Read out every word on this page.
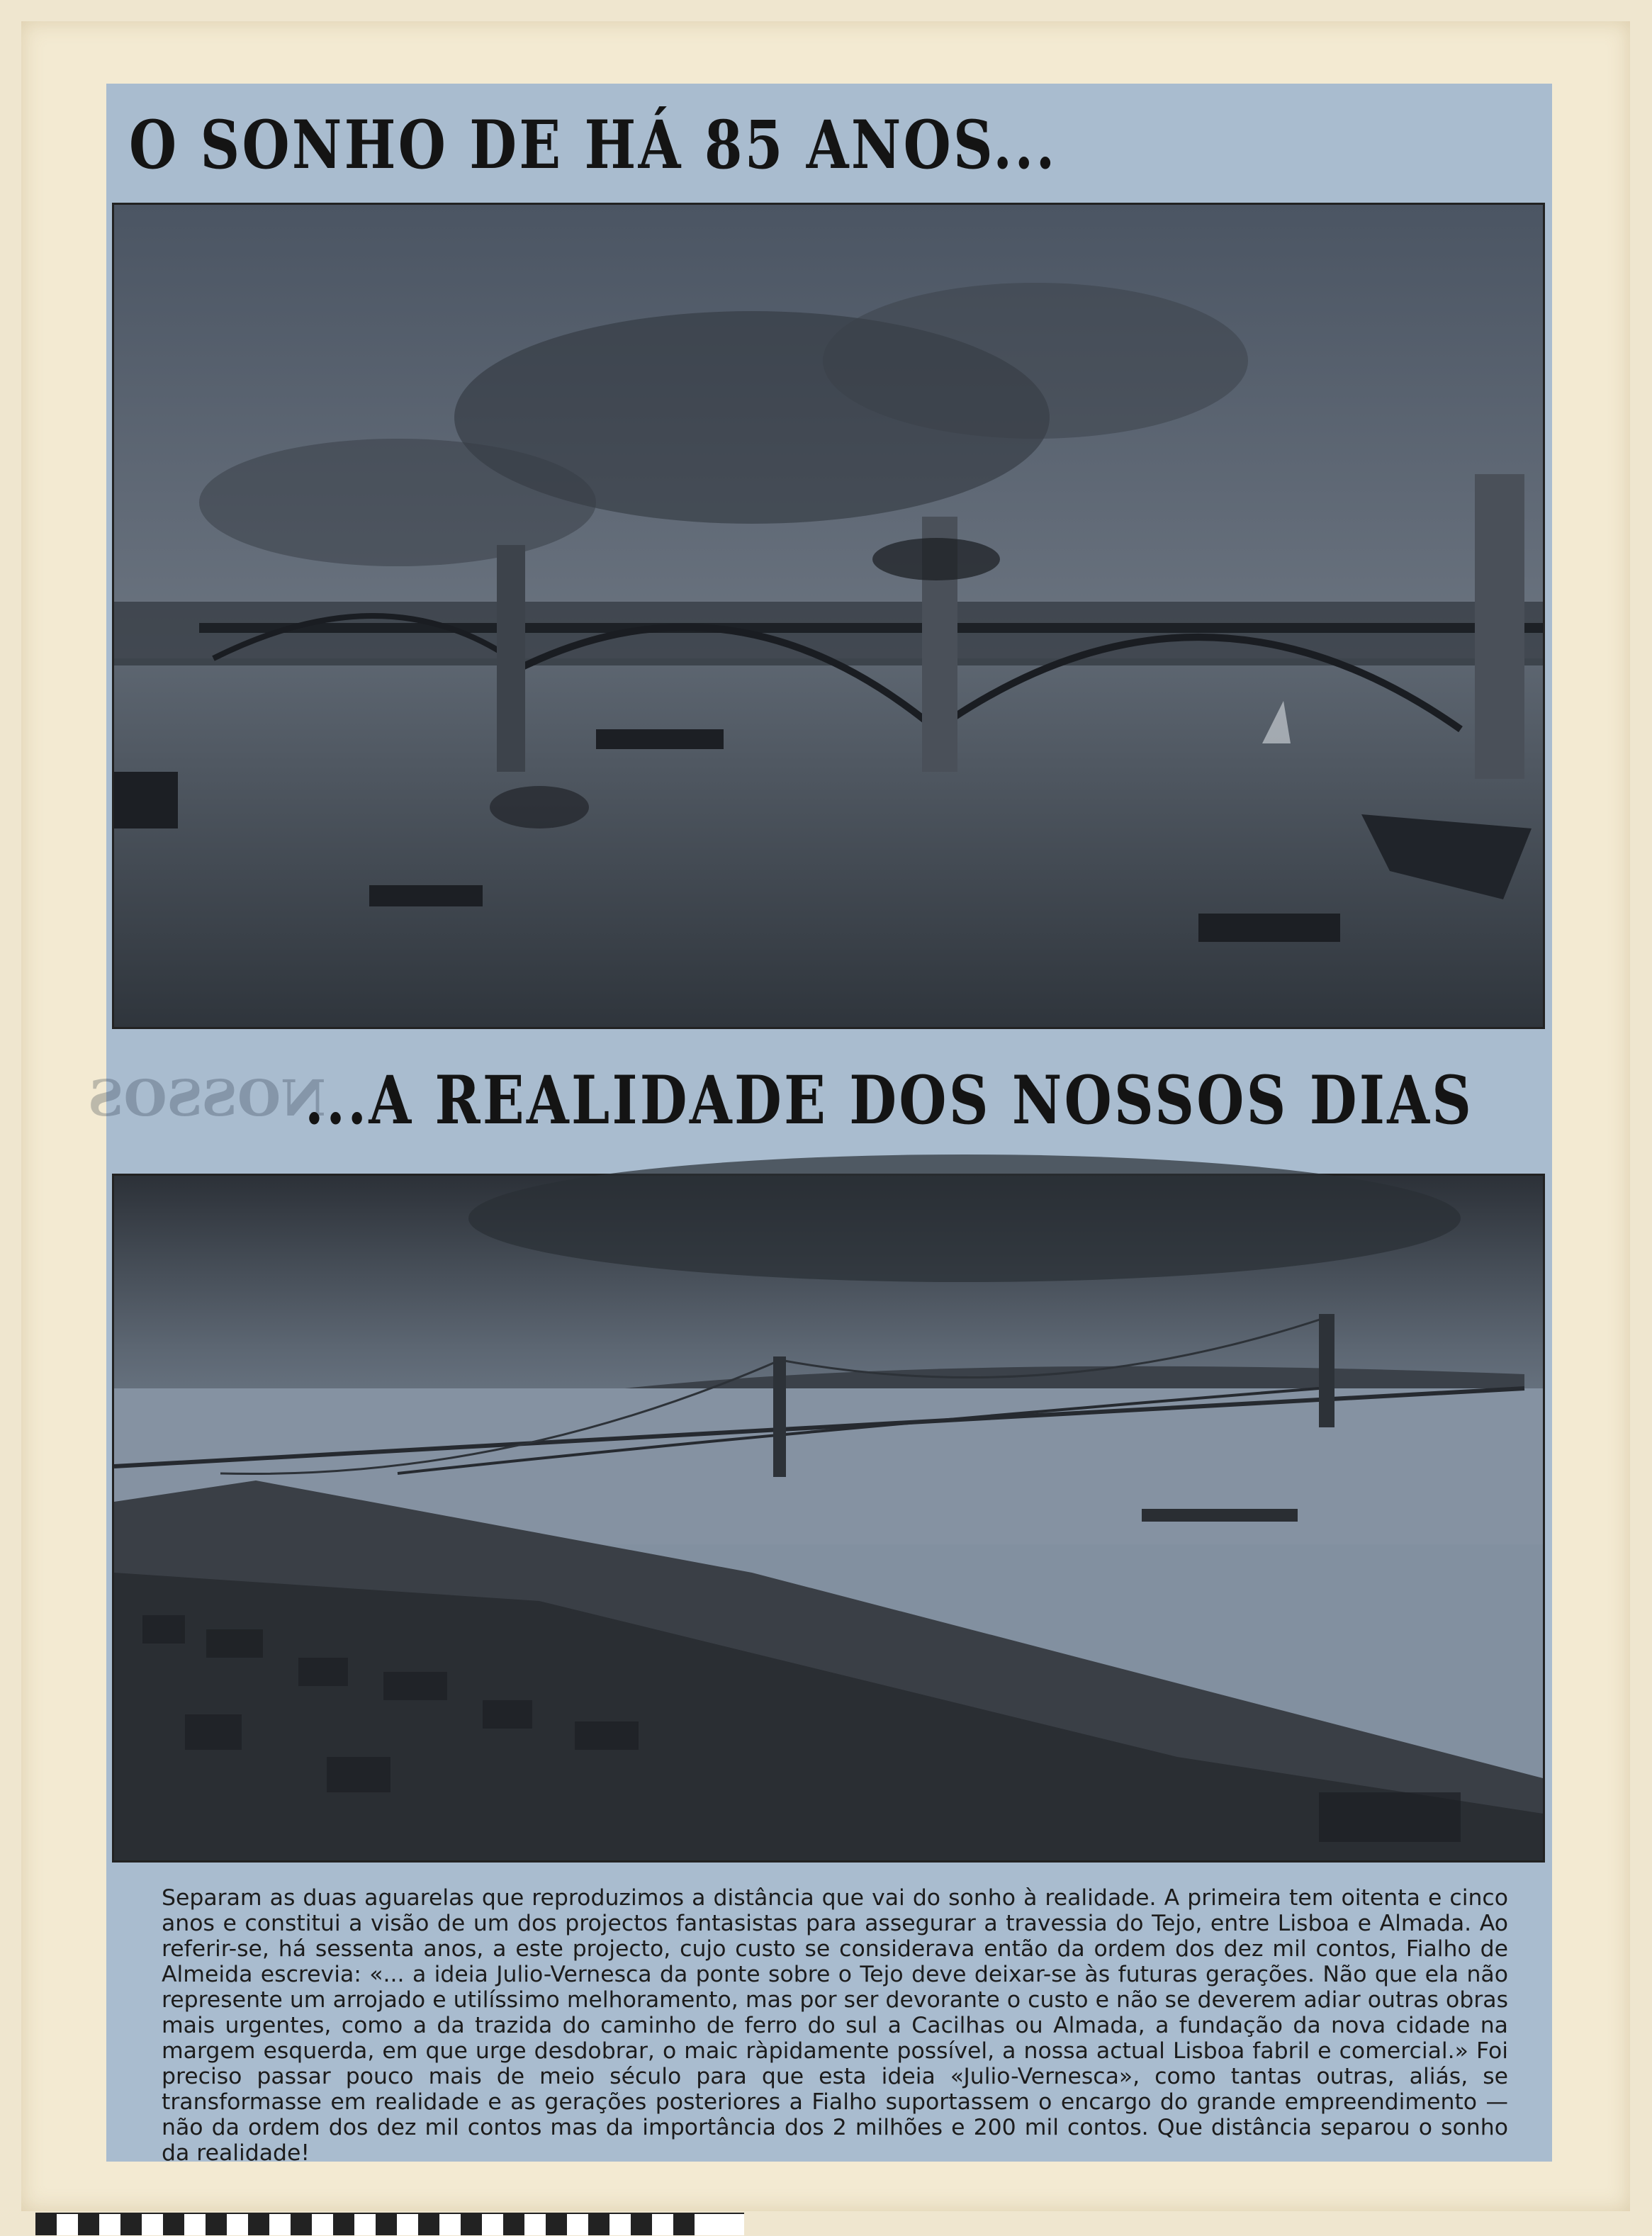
O SONHO DE HÁ 85 ANOS...
NOSSOS
...A REALIDADE DOS NOSSOS DIAS

Separam as duas aguarelas que reproduzimos a distância que vai do sonho à realidade. A primeira tem oitenta e cinco anos e constitui a visão de um dos projectos fantasistas para assegurar a travessia do Tejo, entre Lisboa e Almada. Ao referir-se, há sessenta anos, a este projecto, cujo custo se considerava então da ordem dos dez mil contos, Fialho de Almeida escrevia: «... a ideia Julio-Vernesca da ponte sobre o Tejo deve deixar-se às futuras gerações. Não que ela não represente um arrojado e utilíssimo melhoramento, mas por ser devorante o custo e não se deverem adiar outras obras mais urgentes, como a da trazida do caminho de ferro do sul a Cacilhas ou Almada, a fundação da nova cidade na margem esquerda, em que urge desdobrar, o maic ràpidamente possível, a nossa actual Lisboa fabril e comercial.» Foi preciso passar pouco mais de meio século para que esta ideia «Julio-Vernesca», como tantas outras, aliás, se transformasse em realidade e as gerações posteriores a Fialho suportassem o encargo do grande empreendimento — não da ordem dos dez mil contos mas da importância dos 2 milhões e 200 mil contos. Que distância separou o sonho da realidade!
